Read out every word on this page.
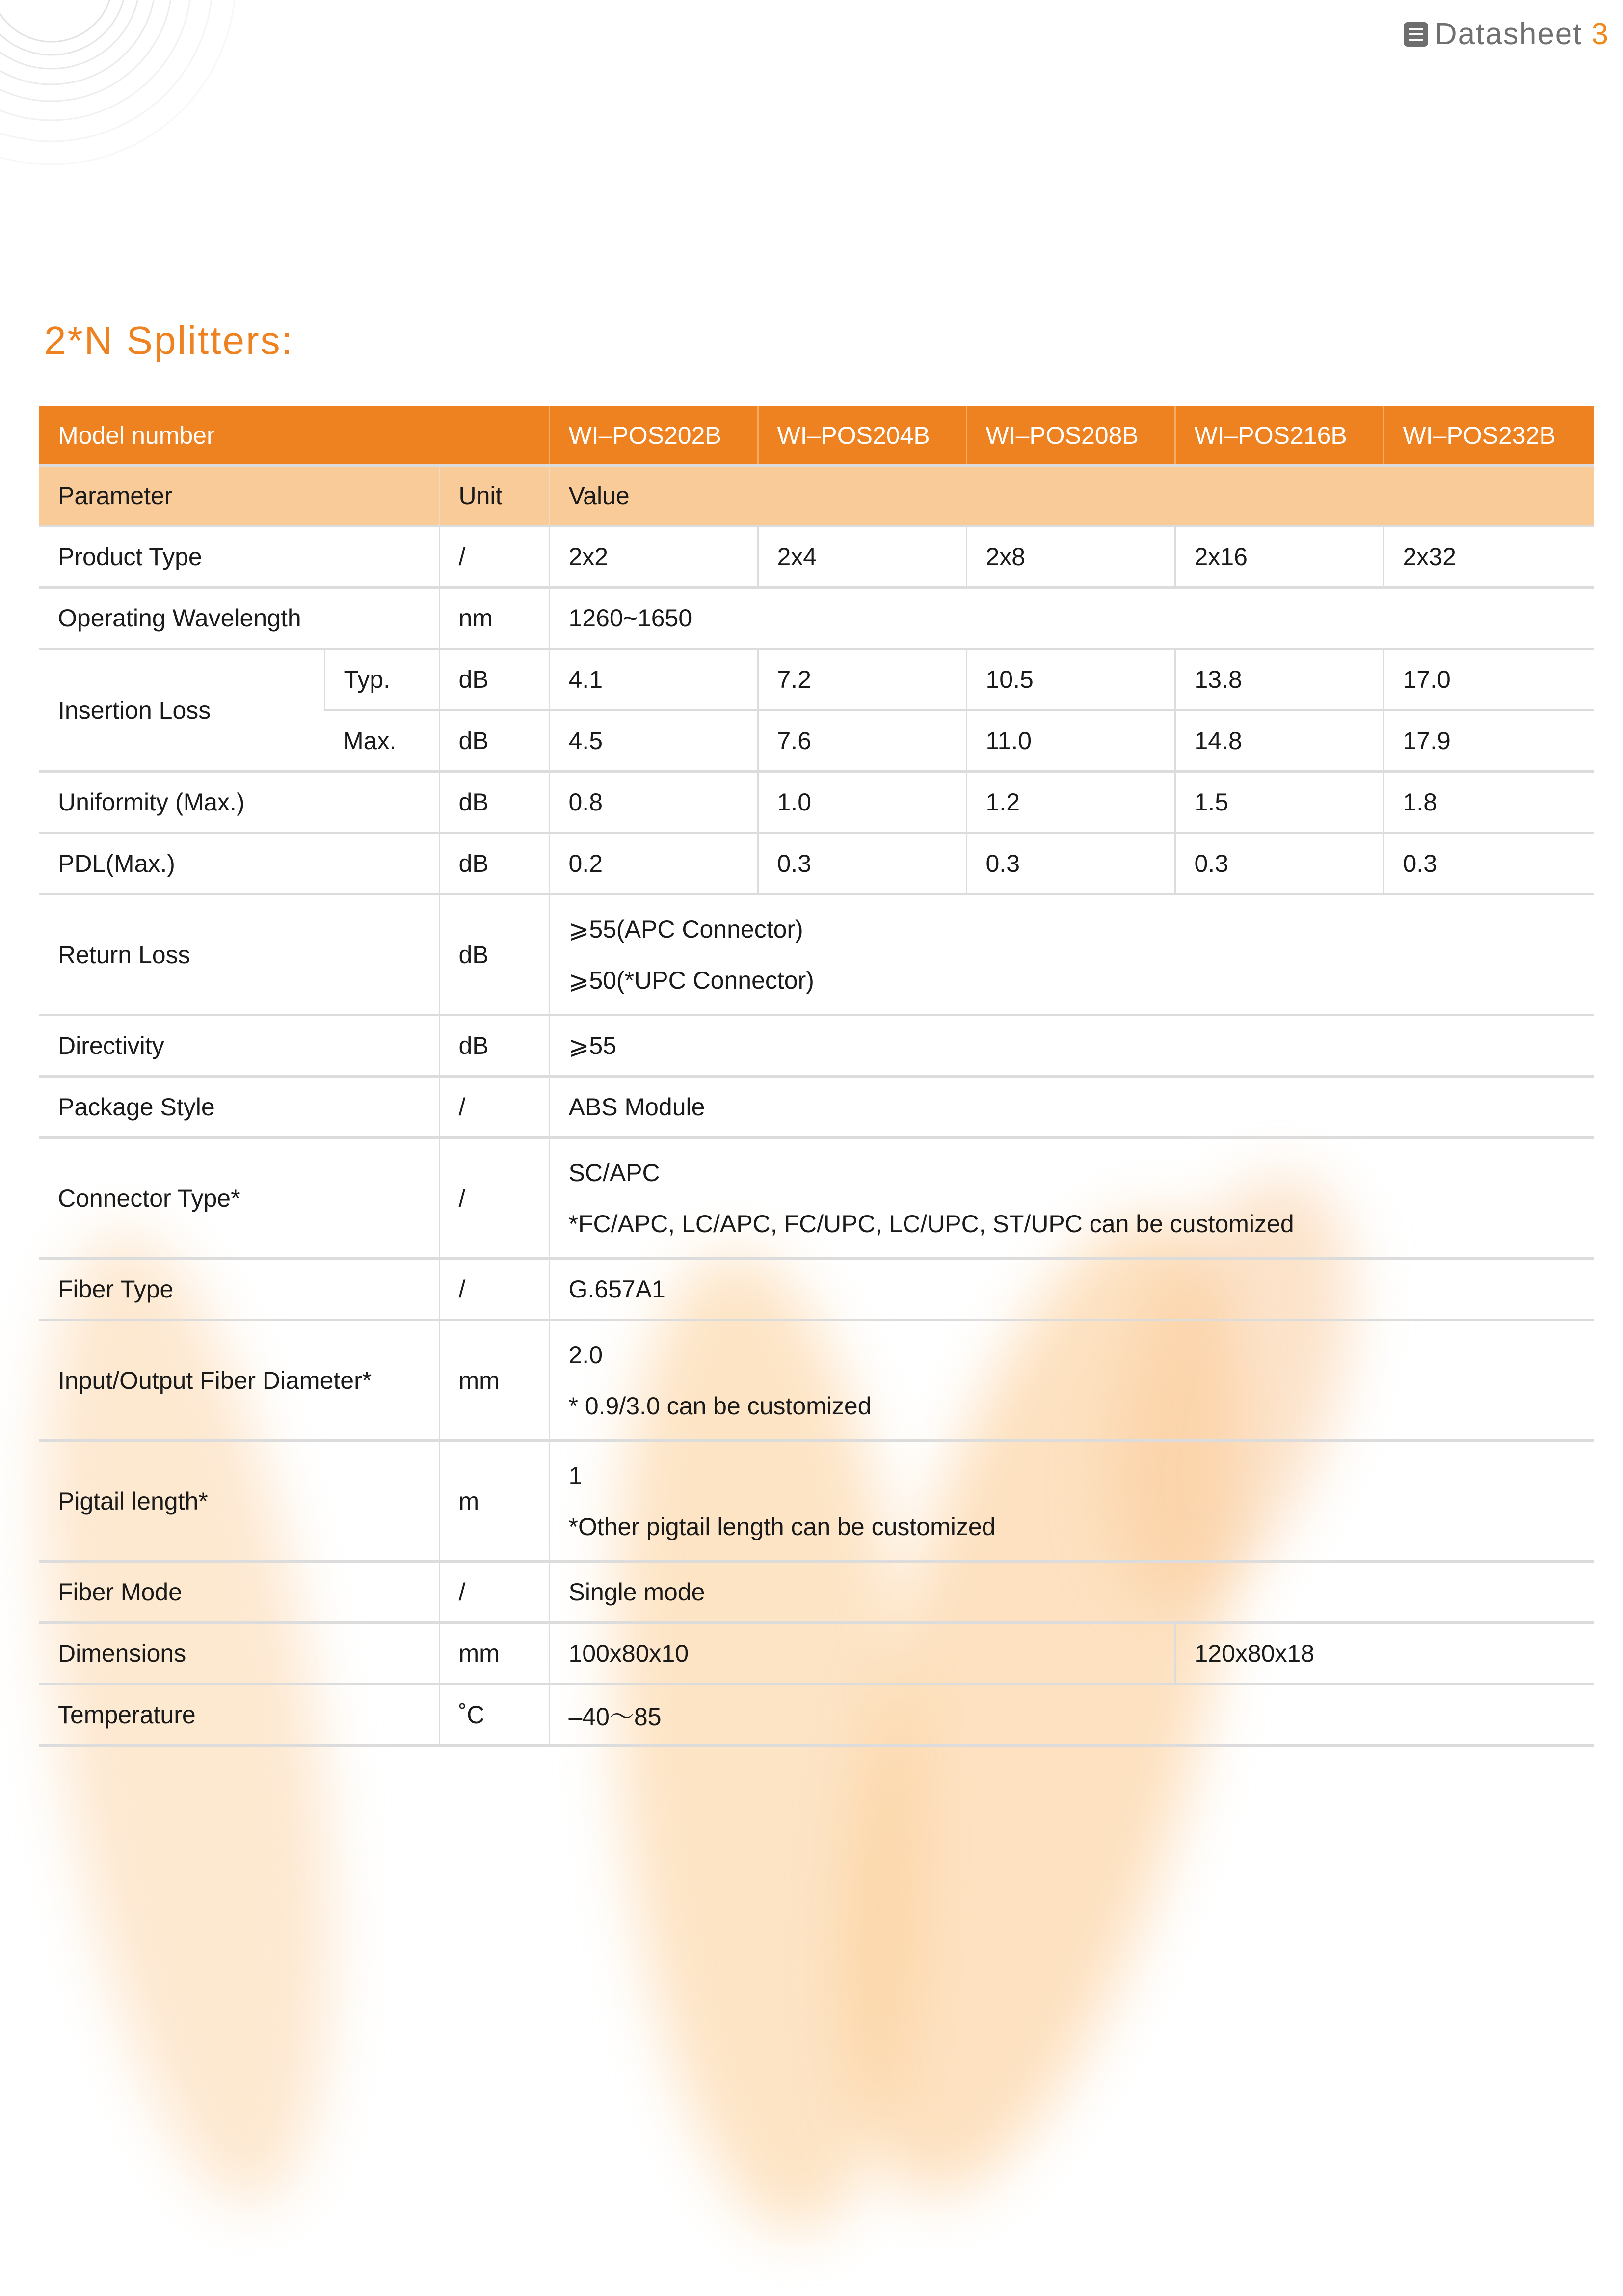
Datasheet 3
2*N Splitters:
Model number			WI–POS202B	WI–POS204B	WI–POS208B	WI–POS216B	WI–POS232B
Parameter		Unit	Value				
Product Type		/	2x2	2x4	2x8	2x16	2x32
Operating Wavelength		nm	1260~1650				
Insertion Loss	Typ.	dB	4.1	7.2	10.5	13.8	17.0
	Max.	dB	4.5	7.6	11.0	14.8	17.9
Uniformity (Max.)		dB	0.8	1.0	1.2	1.5	1.8
PDL(Max.)		dB	0.2	0.3	0.3	0.3	0.3
Return Loss		dB	⩾55(APC Connector)
⩾50(*UPC Connector)				

Directivity		dB	⩾55				
Package Style		/	ABS Module				
Connector Type*		/	SC/APC
*FC/APC, LC/APC, FC/UPC, LC/UPC, ST/UPC can be customized				

Fiber Type		/	G.657A1				
Input/Output Fiber Diameter*		mm	2.0
* 0.9/3.0 can be customized				

Pigtail length*		m	1
*Other pigtail length can be customized				

Fiber Mode		/	Single mode				
Dimensions		mm	100x80x10			120x80x18	
Temperature		˚C	–40～85				
